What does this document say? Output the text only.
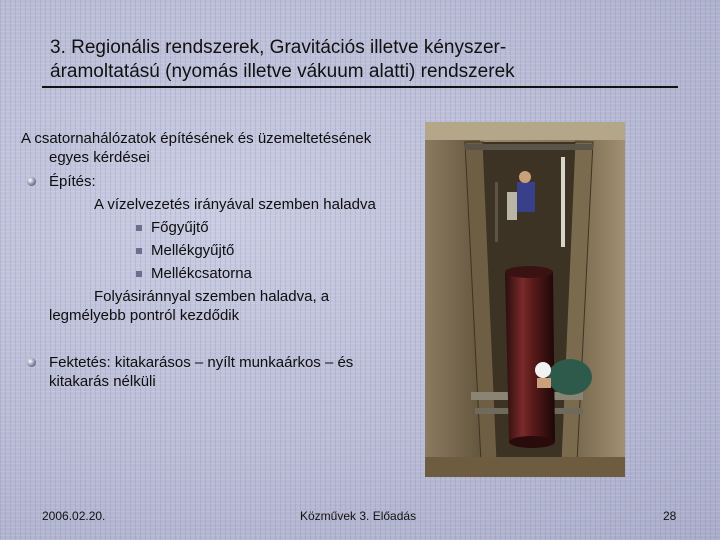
3. Regionális rendszerek, Gravitációs illetve kényszer-
áramoltatású (nyomás illetve vákuum alatti) rendszerek
A csatornahálózatok építésének és üzemeltetésének
egyes kérdései
Építés:
A vízelvezetés irányával szemben haladva
Főgyűjtő
Mellékgyűjtő
Mellékcsatorna
Folyásiránnyal szemben haladva, a
legmélyebb pontról kezdődik
Fektetés: kitakarásos – nyílt munkaárkos – és
kitakarás nélküli
2006.02.20.	Közművek 3. Előadás	28
